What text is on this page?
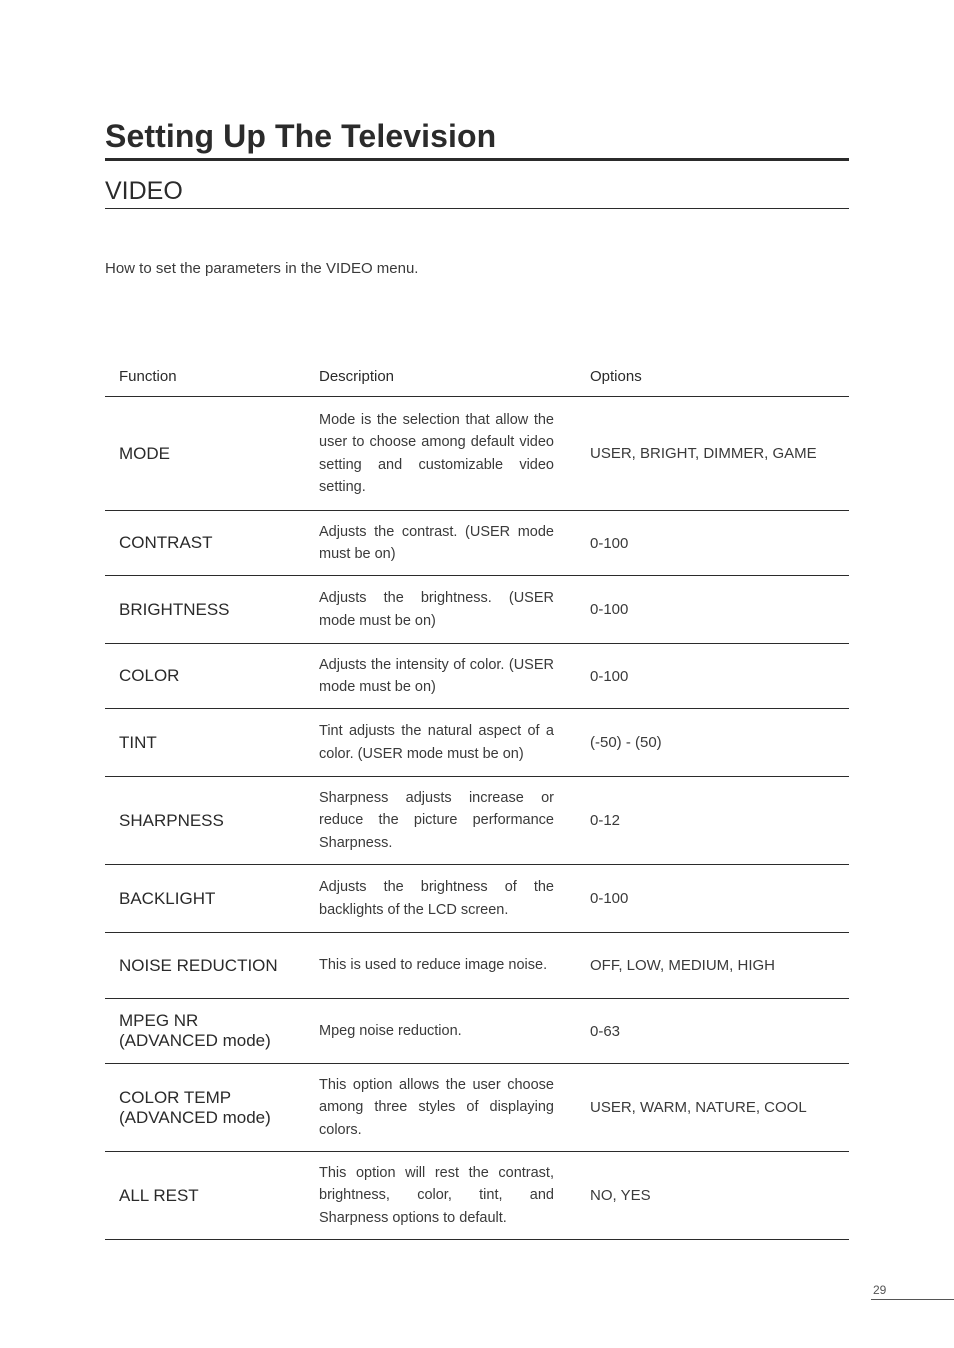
Setting Up The Television
VIDEO

How to set the parameters in the VIDEO menu.

Function	Description	Options
MODE	Mode is the selection that allow the user to choose among default video setting and customizable video setting.	USER, BRIGHT, DIMMER, GAME
CONTRAST	Adjusts the contrast. (USER mode must be on)	0-100
BRIGHTNESS	Adjusts the brightness. (USER mode must be on)	0-100
COLOR	Adjusts the intensity of color. (USER mode must be on)	0-100
TINT	Tint adjusts the natural aspect of a color. (USER mode must be on)	(-50) - (50)
SHARPNESS	Sharpness adjusts increase or reduce the picture performance Sharpness.	0-12
BACKLIGHT	Adjusts the brightness of the backlights of the LCD screen.	0-100
NOISE REDUCTION	This is used to reduce image noise.	OFF, LOW, MEDIUM, HIGH

MPEG NR
(ADVANCED mode)	Mpeg noise reduction.	0-63

COLOR TEMP
(ADVANCED mode)	This option allows the user choose among three styles of displaying colors.	USER, WARM, NATURE, COOL
ALL REST	This option will rest the contrast, brightness, color, tint, and Sharpness options to default.	NO, YES
29
